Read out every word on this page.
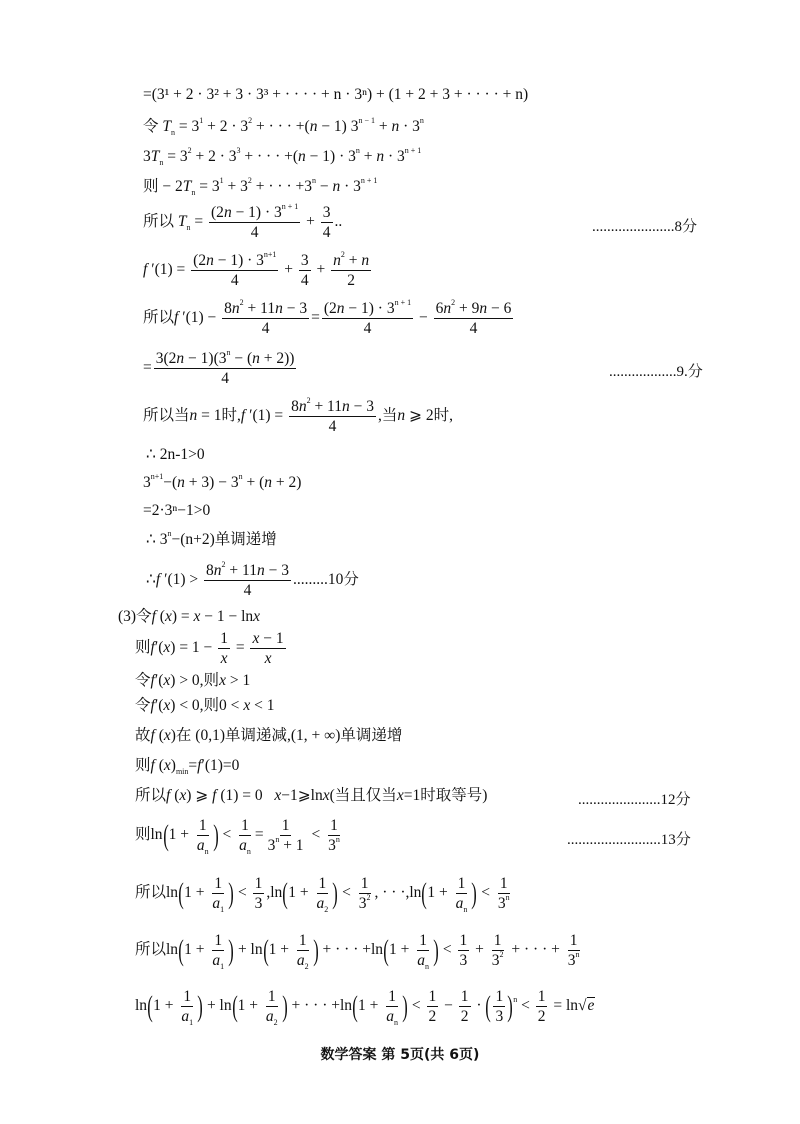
=(3¹ + 2 · 3² + 3 · 3³ + · · · · + n · 3ⁿ) + (1 + 2 + 3 + · · · · + n)
令 $T_n = 3^1 + 2 \cdot 3^2$ + · · · +(n − 1) $3^{n - 1} + n \cdot 3^n$
$3T_n = 3^2 + 2 \cdot 3^3$ + · · · $+(n - 1) \cdot 3^n + n \cdot 3^{n + 1}$
则 − $2T_n = 3^1 + 3^2$ + · · · $+3^n - n \cdot 3^{n + 1}$
所以 $T_n = \frac{(2n - 1) \cdot 3^{n + 1}}{4} + \frac{3}{4}$ ..	......................8分
f $'(1) = \frac{(2n - 1) \cdot 3^{n+1}}{4} + \frac{3}{4} + \frac{n^2 + n}{2}$
所以f $'(1) - \frac{8n^2 + 11n - 3}{4} = \frac{(2n - 1) \cdot 3^{n + 1}}{4} - \frac{6n^2 + 9n - 6}{4}$
= $\frac{3(2n - 1)(3^n - (n + 2))}{4}$	..................9.分
所以当n = 1时,f $'(1) = \frac{8n^2 + 11n - 3}{4}$ ,当n ⩾ 2时,
∴ 2n-1>0
$3^{n+1}-(n + 3) - 3^n + (n + 2)$
=2·3ⁿ−1>0
∴ $3^n-(n+2)$单调递增
∴f $'(1) > \frac{8n^2 + 11n - 3}{4} .........10$分
(3)令f (x) = x − 1 − lnx
则$f'(x) = 1 - \frac{1}{x} = \frac{x - 1}{x}$
令f′(x) > 0,则x > 1
令f′(x) < 0,则0 < x < 1
故f (x)在 (0,1)单调递减,(1, + ∞)单调递增
则f $(x)_{min}=f'(1)=0$
所以f (x) ⩾ f (1) = 0   x−1⩾lnx(当且仅当x=1时取等号)	......................12分
则$\ln(1 + \frac{1}{a_n}$ ) < $\frac{1}{a_n} = \frac{1}{3^n + 1} < \frac{1}{3^n}$	.........................13分
所以$\ln(1 + \frac{1}{a_1}$ ) < $\frac{1}{3} ,\ln(1 + \frac{1}{a_2}$ ) < $\frac{1}{3^2}$ , · · $\cdot,\ln(1 + \frac{1}{a_n}$ ) < $\frac{1}{3^n}$
所以$\ln(1 + \frac{1}{a_1}$ ) + $\ln(1 + \frac{1}{a_2}$ ) + · · · $+\ln(1 + \frac{1}{a_n}$ ) < $\frac{1}{3} + \frac{1}{3^2}$ + · · · + $\frac{1}{3^n}$
$\ln(1 + \frac{1}{a_1}$ ) + $\ln(1 + \frac{1}{a_2}$ ) + · · · $+\ln(1 + \frac{1}{a_n}$ ) < $\frac{1}{2} - \frac{1}{2}$ · ( $\frac{1}{3} )^n < \frac{1}{2} = \ln√e$
数学答案 第 5页(共 6页)
